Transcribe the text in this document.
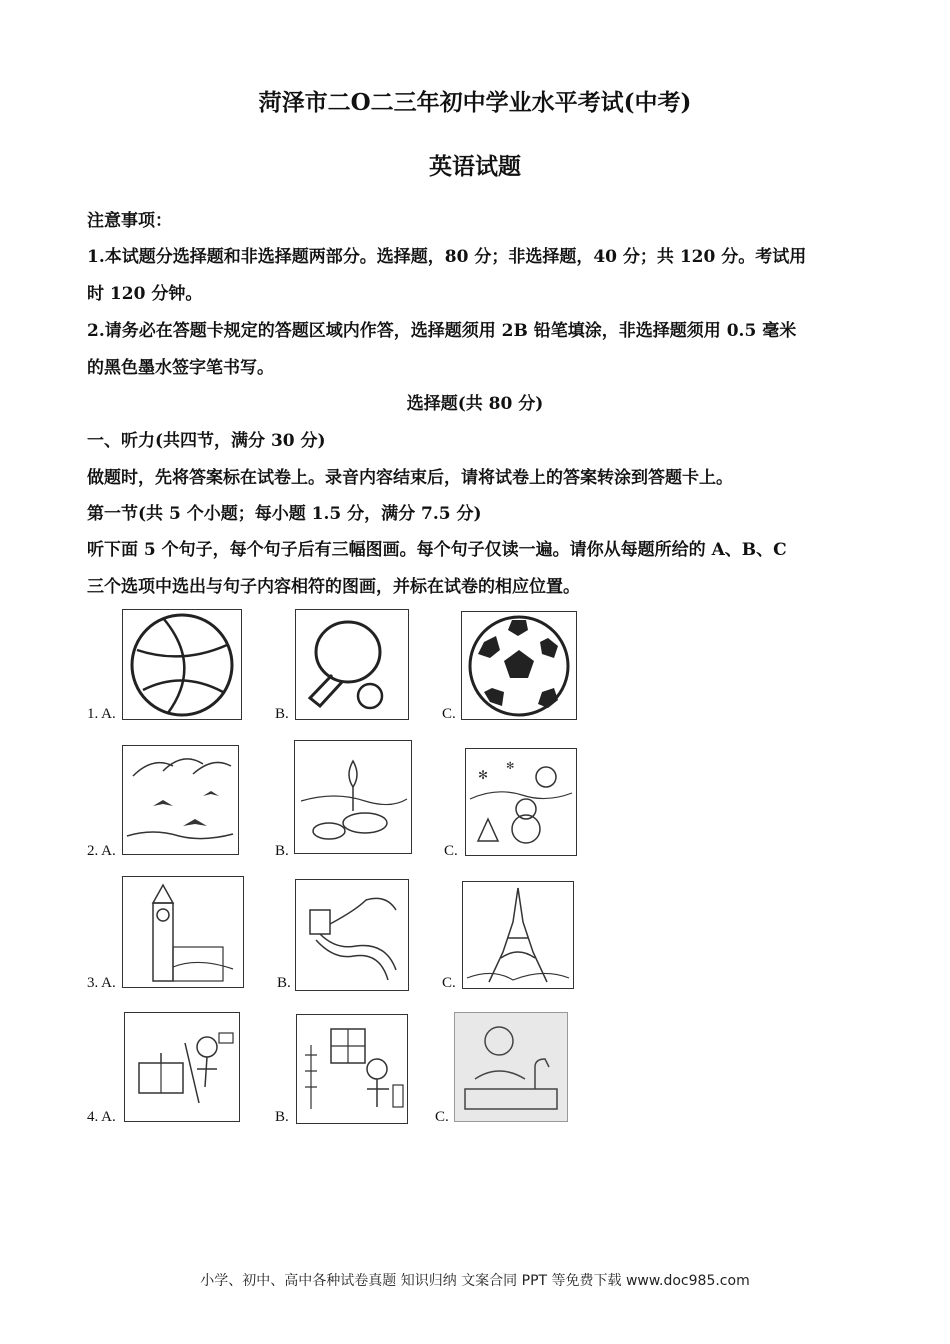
菏泽市二O二三年初中学业水平考试(中考)
英语试题
注意事项：
1.本试题分选择题和非选择题两部分。选择题，80 分；非选择题，40 分；共 120 分。考试用
时 120 分钟。
2.请务必在答题卡规定的答题区域内作答，选择题须用 2B 铅笔填涂，非选择题须用 0.5 毫米
的黑色墨水签字笔书写。
选择题(共 80 分)
一、听力(共四节，满分 30 分)
做题时，先将答案标在试卷上。录音内容结束后，请将试卷上的答案转涂到答题卡上。
第一节(共 5 个小题；每小题 1.5 分，满分 7.5 分)
听下面 5 个句子，每个句子后有三幅图画。每个句子仅读一遍。请你从每题所给的 A、B、C
三个选项中选出与句子内容相符的图画，并标在试卷的相应位置。
1. A.	B.	C.
2. A.	B.
✻
✻
C.
3. A.	B.	C.
4. A.	B.	C.
小学、初中、高中各种试卷真题 知识归纳 文案合同 PPT 等免费下载 www.doc985.com
